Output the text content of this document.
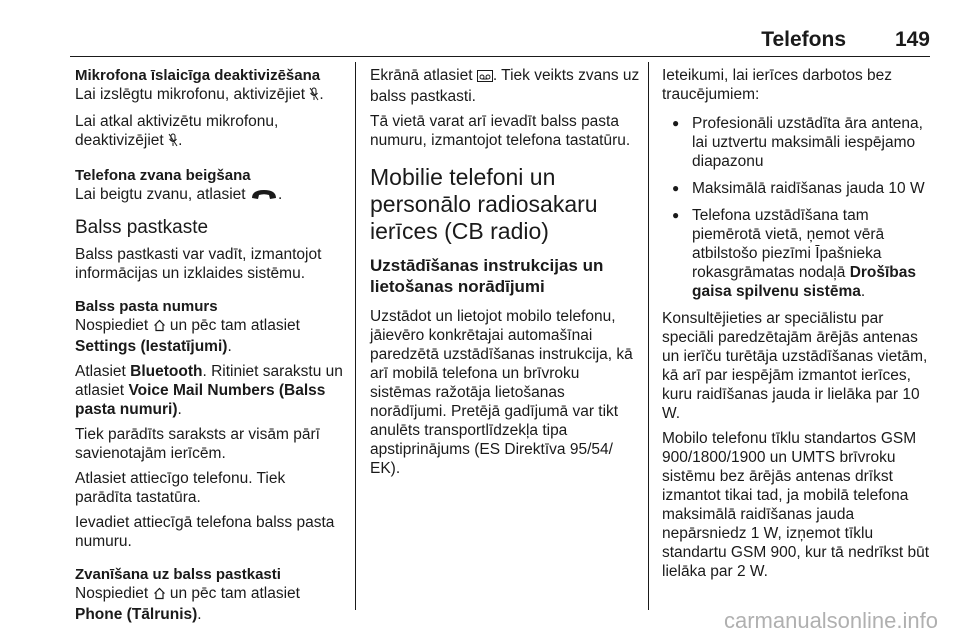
Telefons 149

Mikrofona īslaicīga deaktivizēšana

Lai izslēgtu mikrofonu, aktivizējiet .

Lai atkal aktivizētu mikrofonu,
deaktivizējiet .

Telefona zvana beigšana

Lai beigtu zvanu, atlasiet .

Balss pastkaste

Balss pastkasti var vadīt, izmantojot informācijas un izklaides sistēmu.

Balss pasta numurs

Nospiediet un pēc tam atlasiet Settings (Iestatījumi).

Atlasiet Bluetooth. Ritiniet sarakstu un atlasiet Voice Mail Numbers (Balss pasta numuri).

Tiek parādīts saraksts ar visām pārī savienotajām ierīcēm.

Atlasiet attiecīgo telefonu. Tiek parādīta tastatūra.

Ievadiet attiecīgā telefona balss pasta numuru.

Zvanīšana uz balss pastkasti

Nospiediet un pēc tam atlasiet
Phone (Tālrunis).

Ekrānā atlasiet . Tiek veikts zvans uz balss pastkasti.

Tā vietā varat arī ievadīt balss pasta numuru, izmantojot telefona tastatūru.

Mobilie telefoni un personālo radiosakaru ierīces (CB radio)

Uzstādīšanas instrukcijas un lietošanas norādījumi

Uzstādot un lietojot mobilo telefonu, jāievēro konkrētajai automašīnai paredzētā uzstādīšanas instrukcija, kā arī mobilā telefona un brīvroku sistēmas ražotāja lietošanas norādījumi. Pretējā gadījumā var tikt anulēts transportlīdzekļa tipa apstiprinājums (ES Direktīva 95/54/ EK).

Ieteikumi, lai ierīces darbotos bez traucējumiem:

● Profesionāli uzstādīta āra antena, lai uztvertu maksimāli iespējamo diapazonu
● Maksimālā raidīšanas jauda 10 W
● Telefona uzstādīšana tam piemērotā vietā, ņemot vērā atbilstošo piezīmi Īpašnieka rokasgrāmatas nodaļā Drošības gaisa spilvenu sistēma.

Konsultējieties ar speciālistu par speciāli paredzētajām ārējās antenas un ierīču turētāja uzstādīšanas vietām, kā arī par iespējām izmantot ierīces, kuru raidīšanas jauda ir lielāka par 10 W.

Mobilo telefonu tīklu standartos GSM 900/1800/1900 un UMTS brīvroku sistēmu bez ārējās antenas drīkst izmantot tikai tad, ja mobilā telefona maksimālā raidīšanas jauda nepārsniedz 1 W, izņemot tīklu standartu GSM 900, kur tā nedrīkst būt lielāka par 2 W.

carmanualsonline.info
